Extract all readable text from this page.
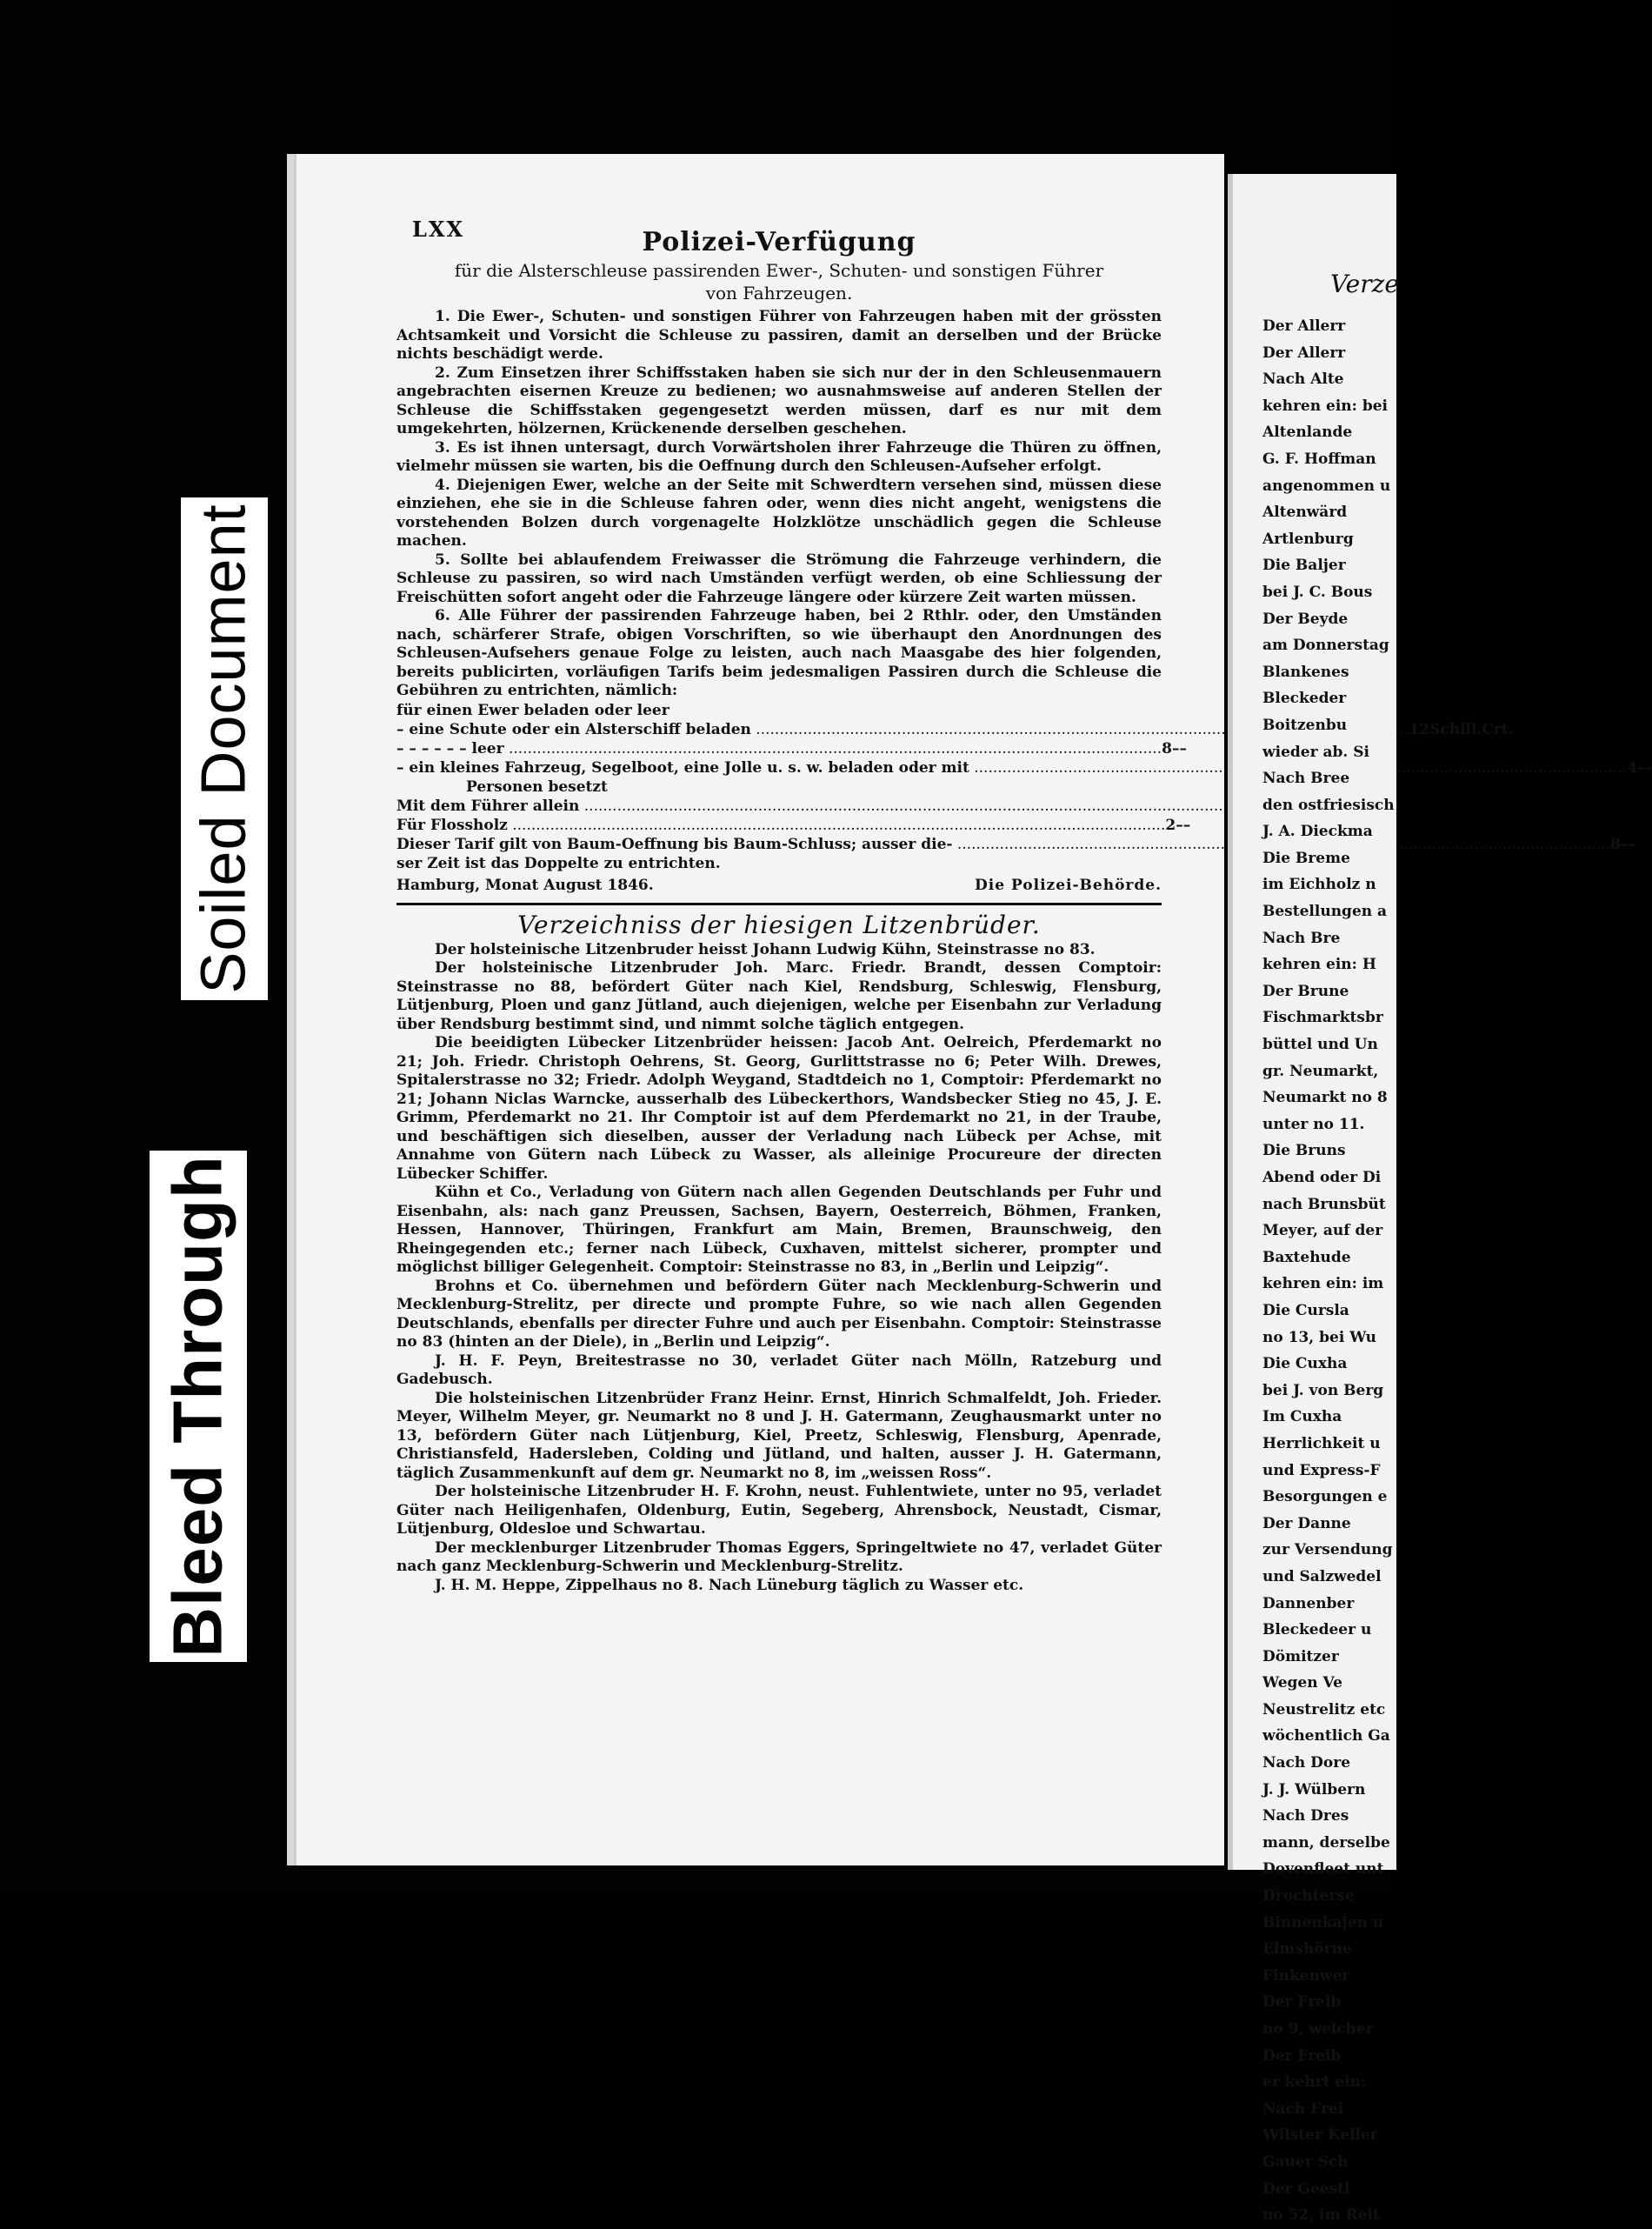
Soiled Document
Bleed Through
LXX	Polizei-Verfügung
für die Alsterschleuse passirenden Ewer-, Schuten- und sonstigen Führer
von Fahrzeugen.

1. Die Ewer-, Schuten- und sonstigen Führer von Fahrzeugen haben mit der grössten Achtsamkeit und Vorsicht die Schleuse zu passiren, damit an derselben und der Brücke nichts beschädigt werde.

2. Zum Einsetzen ihrer Schiffsstaken haben sie sich nur der in den Schleusenmauern angebrachten eisernen Kreuze zu bedienen; wo ausnahmsweise auf anderen Stellen der Schleuse die Schiffsstaken gegengesetzt werden müssen, darf es nur mit dem umgekehrten, hölzernen, Krückenende derselben geschehen.

3. Es ist ihnen untersagt, durch Vorwärtsholen ihrer Fahrzeuge die Thüren zu öffnen, vielmehr müssen sie warten, bis die Oeffnung durch den Schleusen-Aufseher erfolgt.

4. Diejenigen Ewer, welche an der Seite mit Schwerdtern versehen sind, müssen diese einziehen, ehe sie in die Schleuse fahren oder, wenn dies nicht angeht, wenigstens die vorstehenden Bolzen durch vorgenagelte Holzklötze unschädlich gegen die Schleuse machen.

5. Sollte bei ablaufendem Freiwasser die Strömung die Fahrzeuge verhindern, die Schleuse zu passiren, so wird nach Umständen verfügt werden, ob eine Schliessung der Freischütten sofort angeht oder die Fahrzeuge längere oder kürzere Zeit warten müssen.

6. Alle Führer der passirenden Fahrzeuge haben, bei 2 Rthlr. oder, den Umständen nach, schärferer Strafe, obigen Vorschriften, so wie überhaupt den Anordnungen des Schleusen-Aufsehers genaue Folge zu leisten, auch nach Maasgabe des hier folgenden, bereits publicirten, vorläufigen Tarifs beim jedesmaligen Passiren durch die Schleuse die Gebühren zu entrichten, nämlich:

für einen Ewer beladen oder leer
– eine Schute oder ein Alsterschiff beladen .....	12 Schill. Crt.
– – – – – – leer .....	8 – –
– ein kleines Fahrzeug, Segelboot, eine Jolle u. s. w. beladen oder mit .....	4 – –
Personen besetzt
Mit dem Führer allein .....
Für Flossholz .....	2 – –
Dieser Tarif gilt von Baum-Oeffnung bis Baum-Schluss; ausser die- .....	8 – –
ser Zeit ist das Doppelte zu entrichten.
Hamburg, Monat August 1846.	Die Polizei-Behörde.
Verzeichniss der hiesigen Litzenbrüder.

Der holsteinische Litzenbruder heisst Johann Ludwig Kühn, Steinstrasse no 83.

Der holsteinische Litzenbruder Joh. Marc. Friedr. Brandt, dessen Comptoir: Steinstrasse no 88, befördert Güter nach Kiel, Rendsburg, Schleswig, Flensburg, Lütjenburg, Ploen und ganz Jütland, auch diejenigen, welche per Eisenbahn zur Verladung über Rendsburg bestimmt sind, und nimmt solche täglich entgegen.

Die beeidigten Lübecker Litzenbrüder heissen: Jacob Ant. Oelreich, Pferdemarkt no 21; Joh. Friedr. Christoph Oehrens, St. Georg, Gurlittstrasse no 6; Peter Wilh. Drewes, Spitalerstrasse no 32; Friedr. Adolph Weygand, Stadtdeich no 1, Comptoir: Pferdemarkt no 21; Johann Niclas Warncke, ausserhalb des Lübeckerthors, Wandsbecker Stieg no 45, J. E. Grimm, Pferdemarkt no 21. Ihr Comptoir ist auf dem Pferdemarkt no 21, in der Traube, und beschäftigen sich dieselben, ausser der Verladung nach Lübeck per Achse, mit Annahme von Gütern nach Lübeck zu Wasser, als alleinige Procureure der directen Lübecker Schiffer.

Kühn et Co., Verladung von Gütern nach allen Gegenden Deutschlands per Fuhr und Eisenbahn, als: nach ganz Preussen, Sachsen, Bayern, Oesterreich, Böhmen, Franken, Hessen, Hannover, Thüringen, Frankfurt am Main, Bremen, Braunschweig, den Rheingegenden etc.; ferner nach Lübeck, Cuxhaven, mittelst sicherer, prompter und möglichst billiger Gelegenheit. Comptoir: Steinstrasse no 83, in „Berlin und Leipzig“.

Brohns et Co. übernehmen und befördern Güter nach Mecklenburg-Schwerin und Mecklenburg-Strelitz, per directe und prompte Fuhre, so wie nach allen Gegenden Deutschlands, ebenfalls per directer Fuhre und auch per Eisenbahn. Comptoir: Steinstrasse no 83 (hinten an der Diele), in „Berlin und Leipzig“.

J. H. F. Peyn, Breitestrasse no 30, verladet Güter nach Mölln, Ratzeburg und Gadebusch.

Die holsteinischen Litzenbrüder Franz Heinr. Ernst, Hinrich Schmalfeldt, Joh. Frieder. Meyer, Wilhelm Meyer, gr. Neumarkt no 8 und J. H. Gatermann, Zeughausmarkt unter no 13, befördern Güter nach Lütjenburg, Kiel, Preetz, Schleswig, Flensburg, Apenrade, Christiansfeld, Hadersleben, Colding und Jütland, und halten, ausser J. H. Gatermann, täglich Zusammenkunft auf dem gr. Neumarkt no 8, im „weissen Ross“.

Der holsteinische Litzenbruder H. F. Krohn, neust. Fuhlentwiete, unter no 95, verladet Güter nach Heiligenhafen, Oldenburg, Eutin, Segeberg, Ahrensbock, Neustadt, Cismar, Lütjenburg, Oldesloe und Schwartau.

Der mecklenburger Litzenbruder Thomas Eggers, Springeltwiete no 47, verladet Güter nach ganz Mecklenburg-Schwerin und Mecklenburg-Strelitz.

J. H. M. Heppe, Zippelhaus no 8. Nach Lüneburg täglich zu Wasser etc.

Verze
Der Allerr
Der Allerr
Nach Alte
kehren ein: bei
Altenlande
G. F. Hoffman
angenommen u
Altenwärd
Artlenburg
Die Baljer
bei J. C. Bous
Der Beyde
am Donnerstag
Blankenes
Bleckeder
Boitzenbu
wieder ab. Si
Nach Bree
den ostfriesisch
J. A. Dieckma
Die Breme
im Eichholz n
Bestellungen a
Nach Bre
kehren ein: H
Der Brune
Fischmarktsbr
büttel und Un
gr. Neumarkt,
Neumarkt no 8
unter no 11.
Die Bruns
Abend oder Di
nach Brunsbüt
Meyer, auf der
Baxtehude
kehren ein: im
Die Cursla
no 13, bei Wu
Die Cuxha
bei J. von Berg
Im Cuxha
Herrlichkeit u
und Express-F
Besorgungen e
Der Danne
zur Versendung
und Salzwedel
Dannenber
Bleckedeer u
Dömitzer
Wegen Ve
Neustrelitz etc
wöchentlich Ga
Nach Dore
J. J. Wülbern
Nach Dres
mann, derselbe
Dovenfleet unt
Drochterse
Binnenkajen u
Elmshörne
Finkenwer
Der Freib
no 9, welcher
Der Freib
er kehrt ein:
Nach Frei
Wilster Keller
Gauer Sch
Der Geestl
no 52, im Reit
